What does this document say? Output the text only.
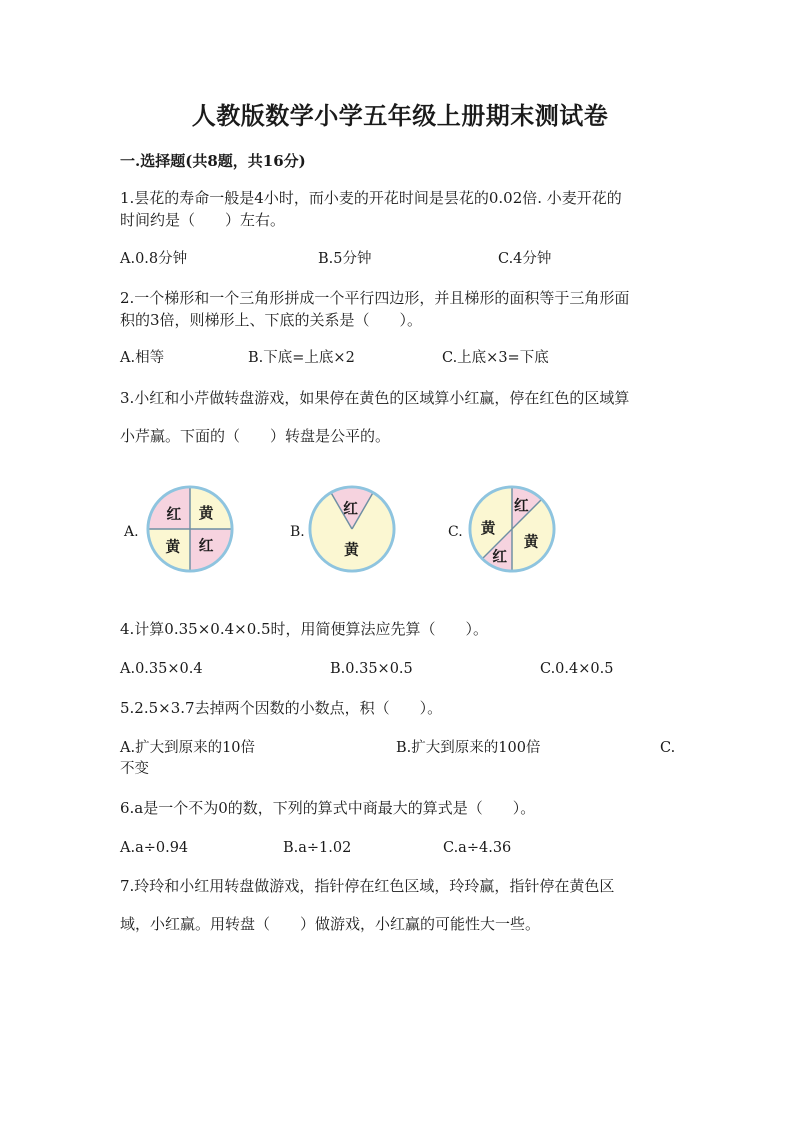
人教版数学小学五年级上册期末测试卷
一.选择题(共8题，共16分)
1.昙花的寿命一般是4小时，而小麦的开花时间是昙花的0.02倍. 小麦开花的
时间约是（　　）左右。
A.0.8分钟	B.5分钟	C.4分钟
2.一个梯形和一个三角形拼成一个平行四边形，并且梯形的面积等于三角形面
积的3倍，则梯形上、下底的关系是（　　）。
A.相等	B.下底=上底×2	C.上底×3=下底
3.小红和小芹做转盘游戏，如果停在黄色的区域算小红赢，停在红色的区域算
小芹赢。下面的（　　）转盘是公平的。
A.
红 黄
黄 红
B.
红
黄
C.
红
黄
黄
红
4.计算0.35×0.4×0.5时，用简便算法应先算（　　）。
A.0.35×0.4	B.0.35×0.5	C.0.4×0.5
5.2.5×3.7去掉两个因数的小数点，积（　　）。
A.扩大到原来的10倍	B.扩大到原来的100倍	C.
不变
6.a是一个不为0的数，下列的算式中商最大的算式是（　　）。
A.a÷0.94	B.a÷1.02	C.a÷4.36
7.玲玲和小红用转盘做游戏，指针停在红色区域，玲玲赢，指针停在黄色区
域，小红赢。用转盘（　　）做游戏，小红赢的可能性大一些。
